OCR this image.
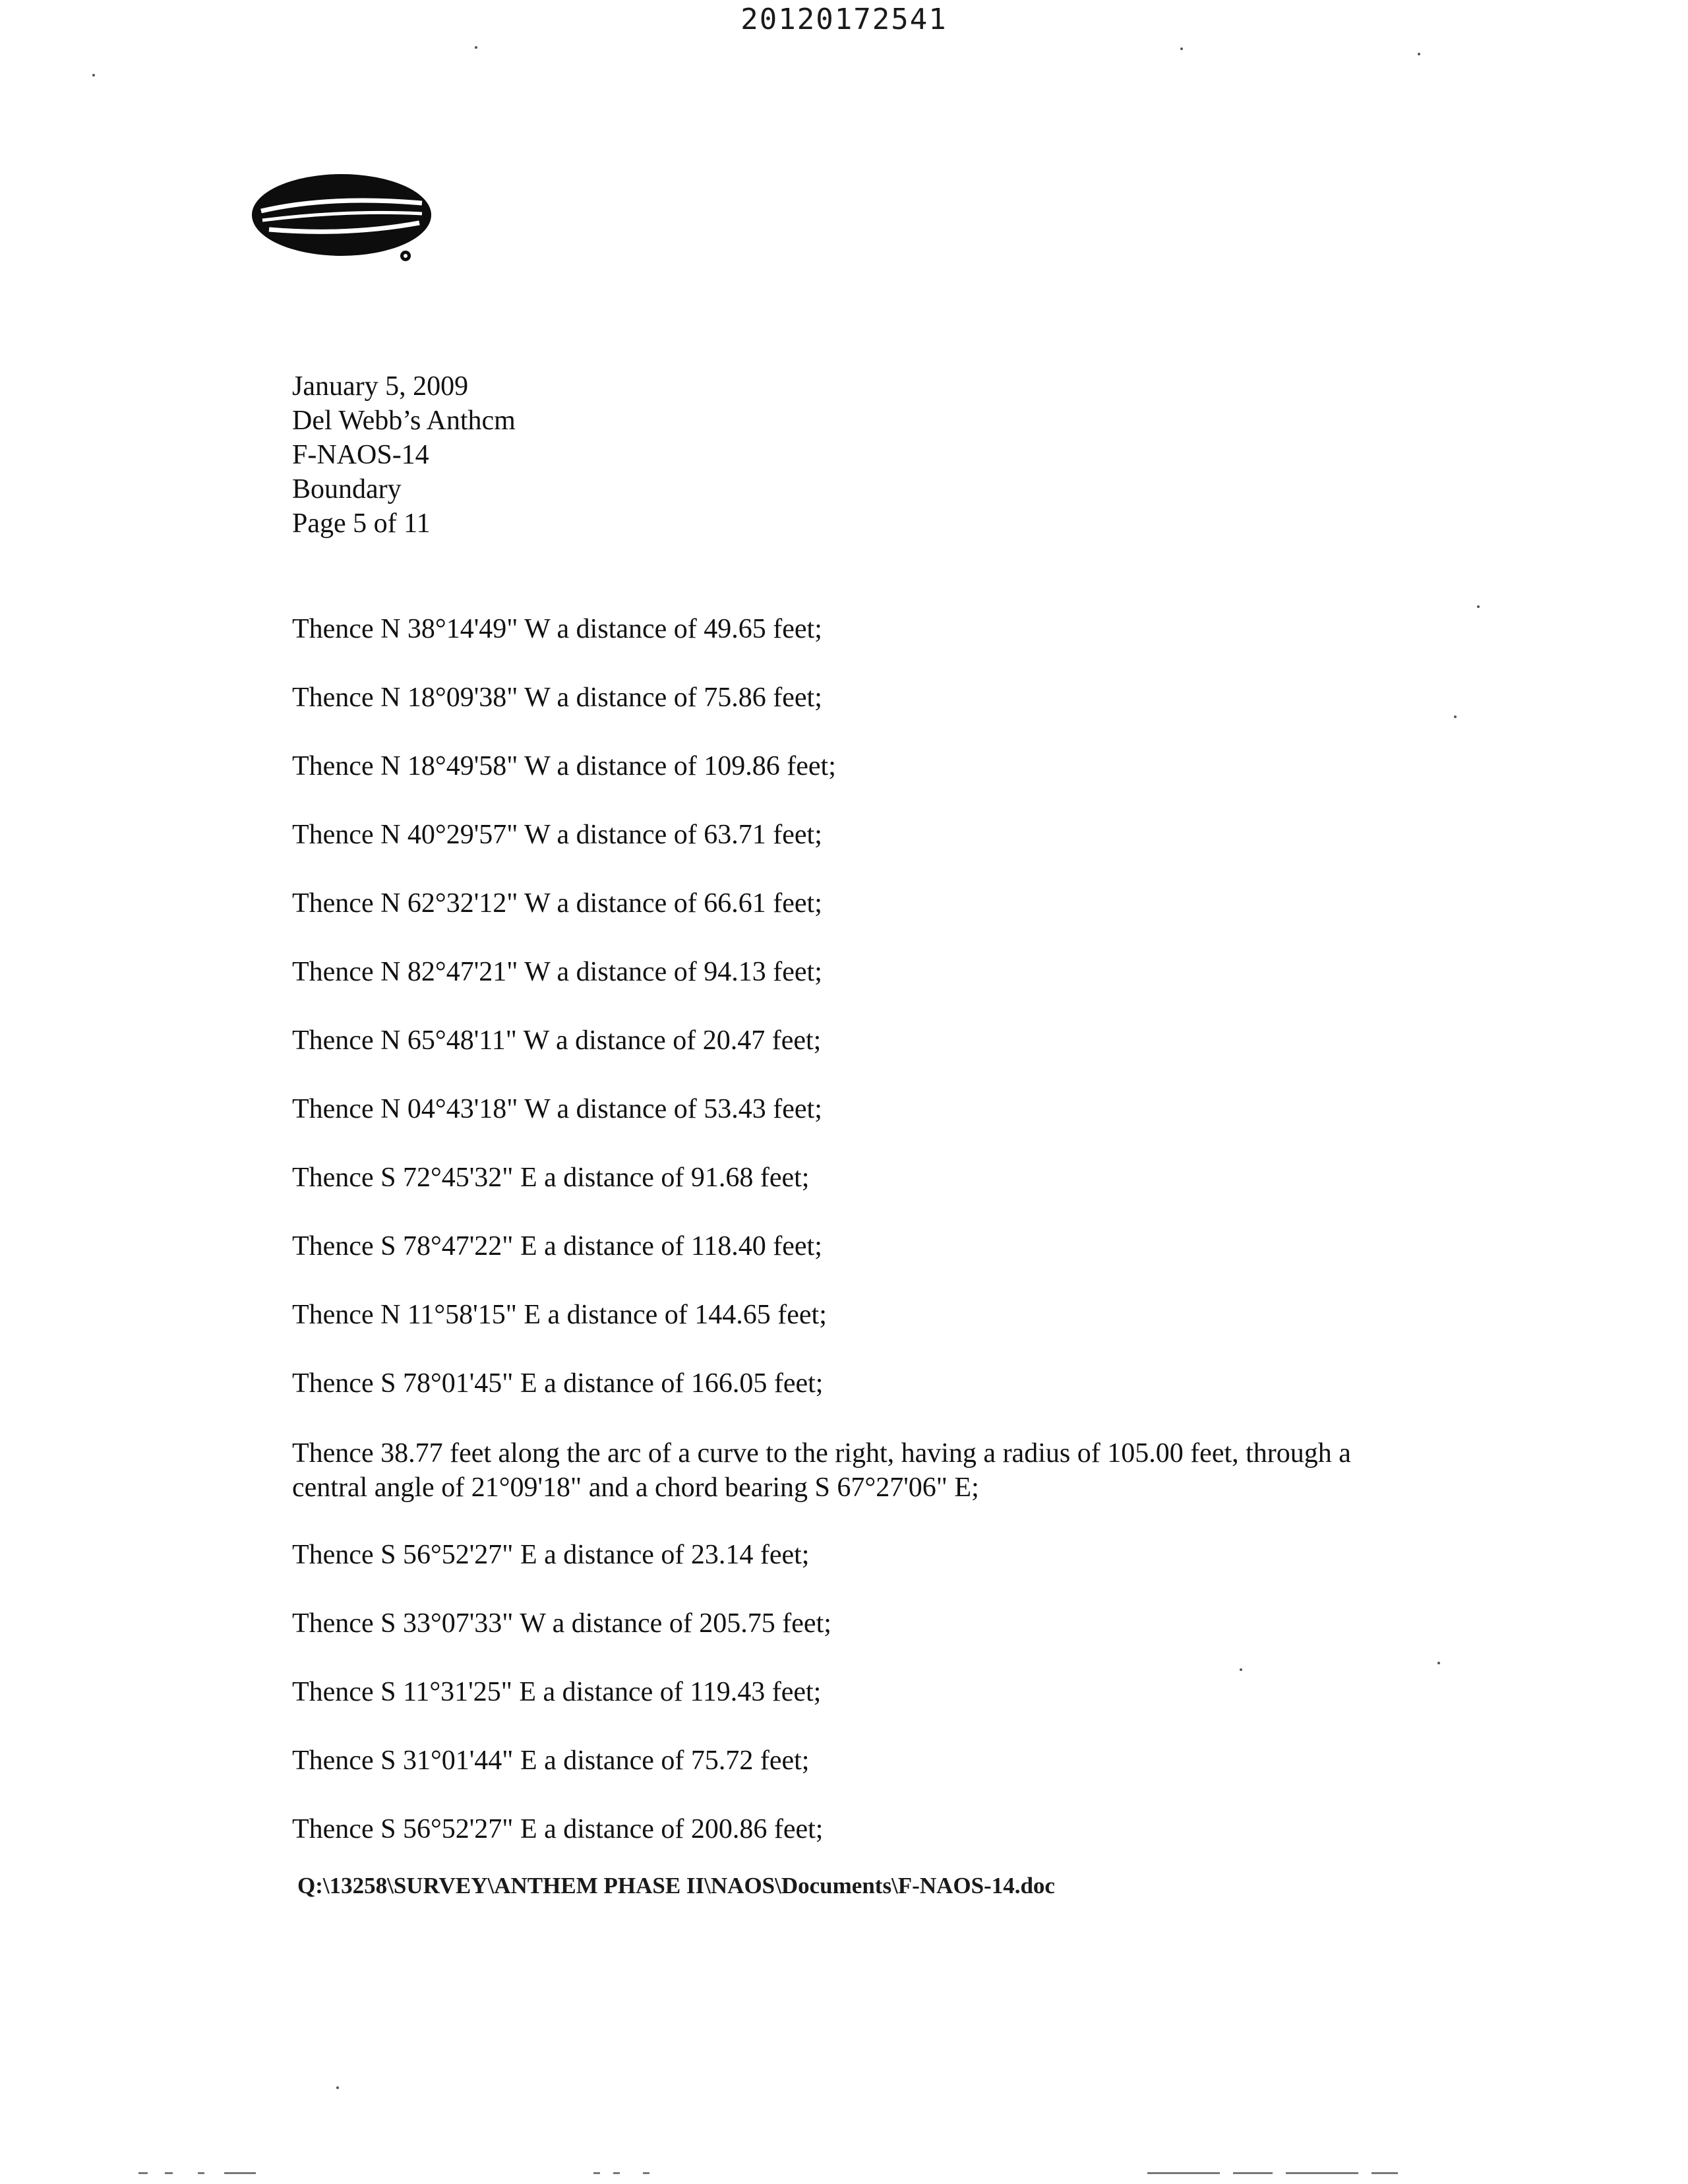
20120172541
January 5, 2009
Del Webb’s Anthcm
F-NAOS-14
Boundary
Page 5 of 11
Thence N 38°14'49" W a distance of 49.65 feet;
Thence N 18°09'38" W a distance of 75.86 feet;
Thence N 18°49'58" W a distance of 109.86 feet;
Thence N 40°29'57" W a distance of 63.71 feet;
Thence N 62°32'12" W a distance of 66.61 feet;
Thence N 82°47'21" W a distance of 94.13 feet;
Thence N 65°48'11" W a distance of 20.47 feet;
Thence N 04°43'18" W a distance of 53.43 feet;
Thence S 72°45'32" E a distance of 91.68 feet;
Thence S 78°47'22" E a distance of 118.40 feet;
Thence N 11°58'15" E a distance of 144.65 feet;
Thence S 78°01'45" E a distance of 166.05 feet;
Thence 38.77 feet along the arc of a curve to the right, having a radius of 105.00 feet, through a central angle of 21°09'18" and a chord bearing S 67°27'06" E;
Thence S 56°52'27" E a distance of 23.14 feet;
Thence S 33°07'33" W a distance of 205.75 feet;
Thence S 11°31'25" E a distance of 119.43 feet;
Thence S 31°01'44" E a distance of 75.72 feet;
Thence S 56°52'27" E a distance of 200.86 feet;
Q:\13258\SURVEY\ANTHEM PHASE II\NAOS\Documents\F-NAOS-14.doc
